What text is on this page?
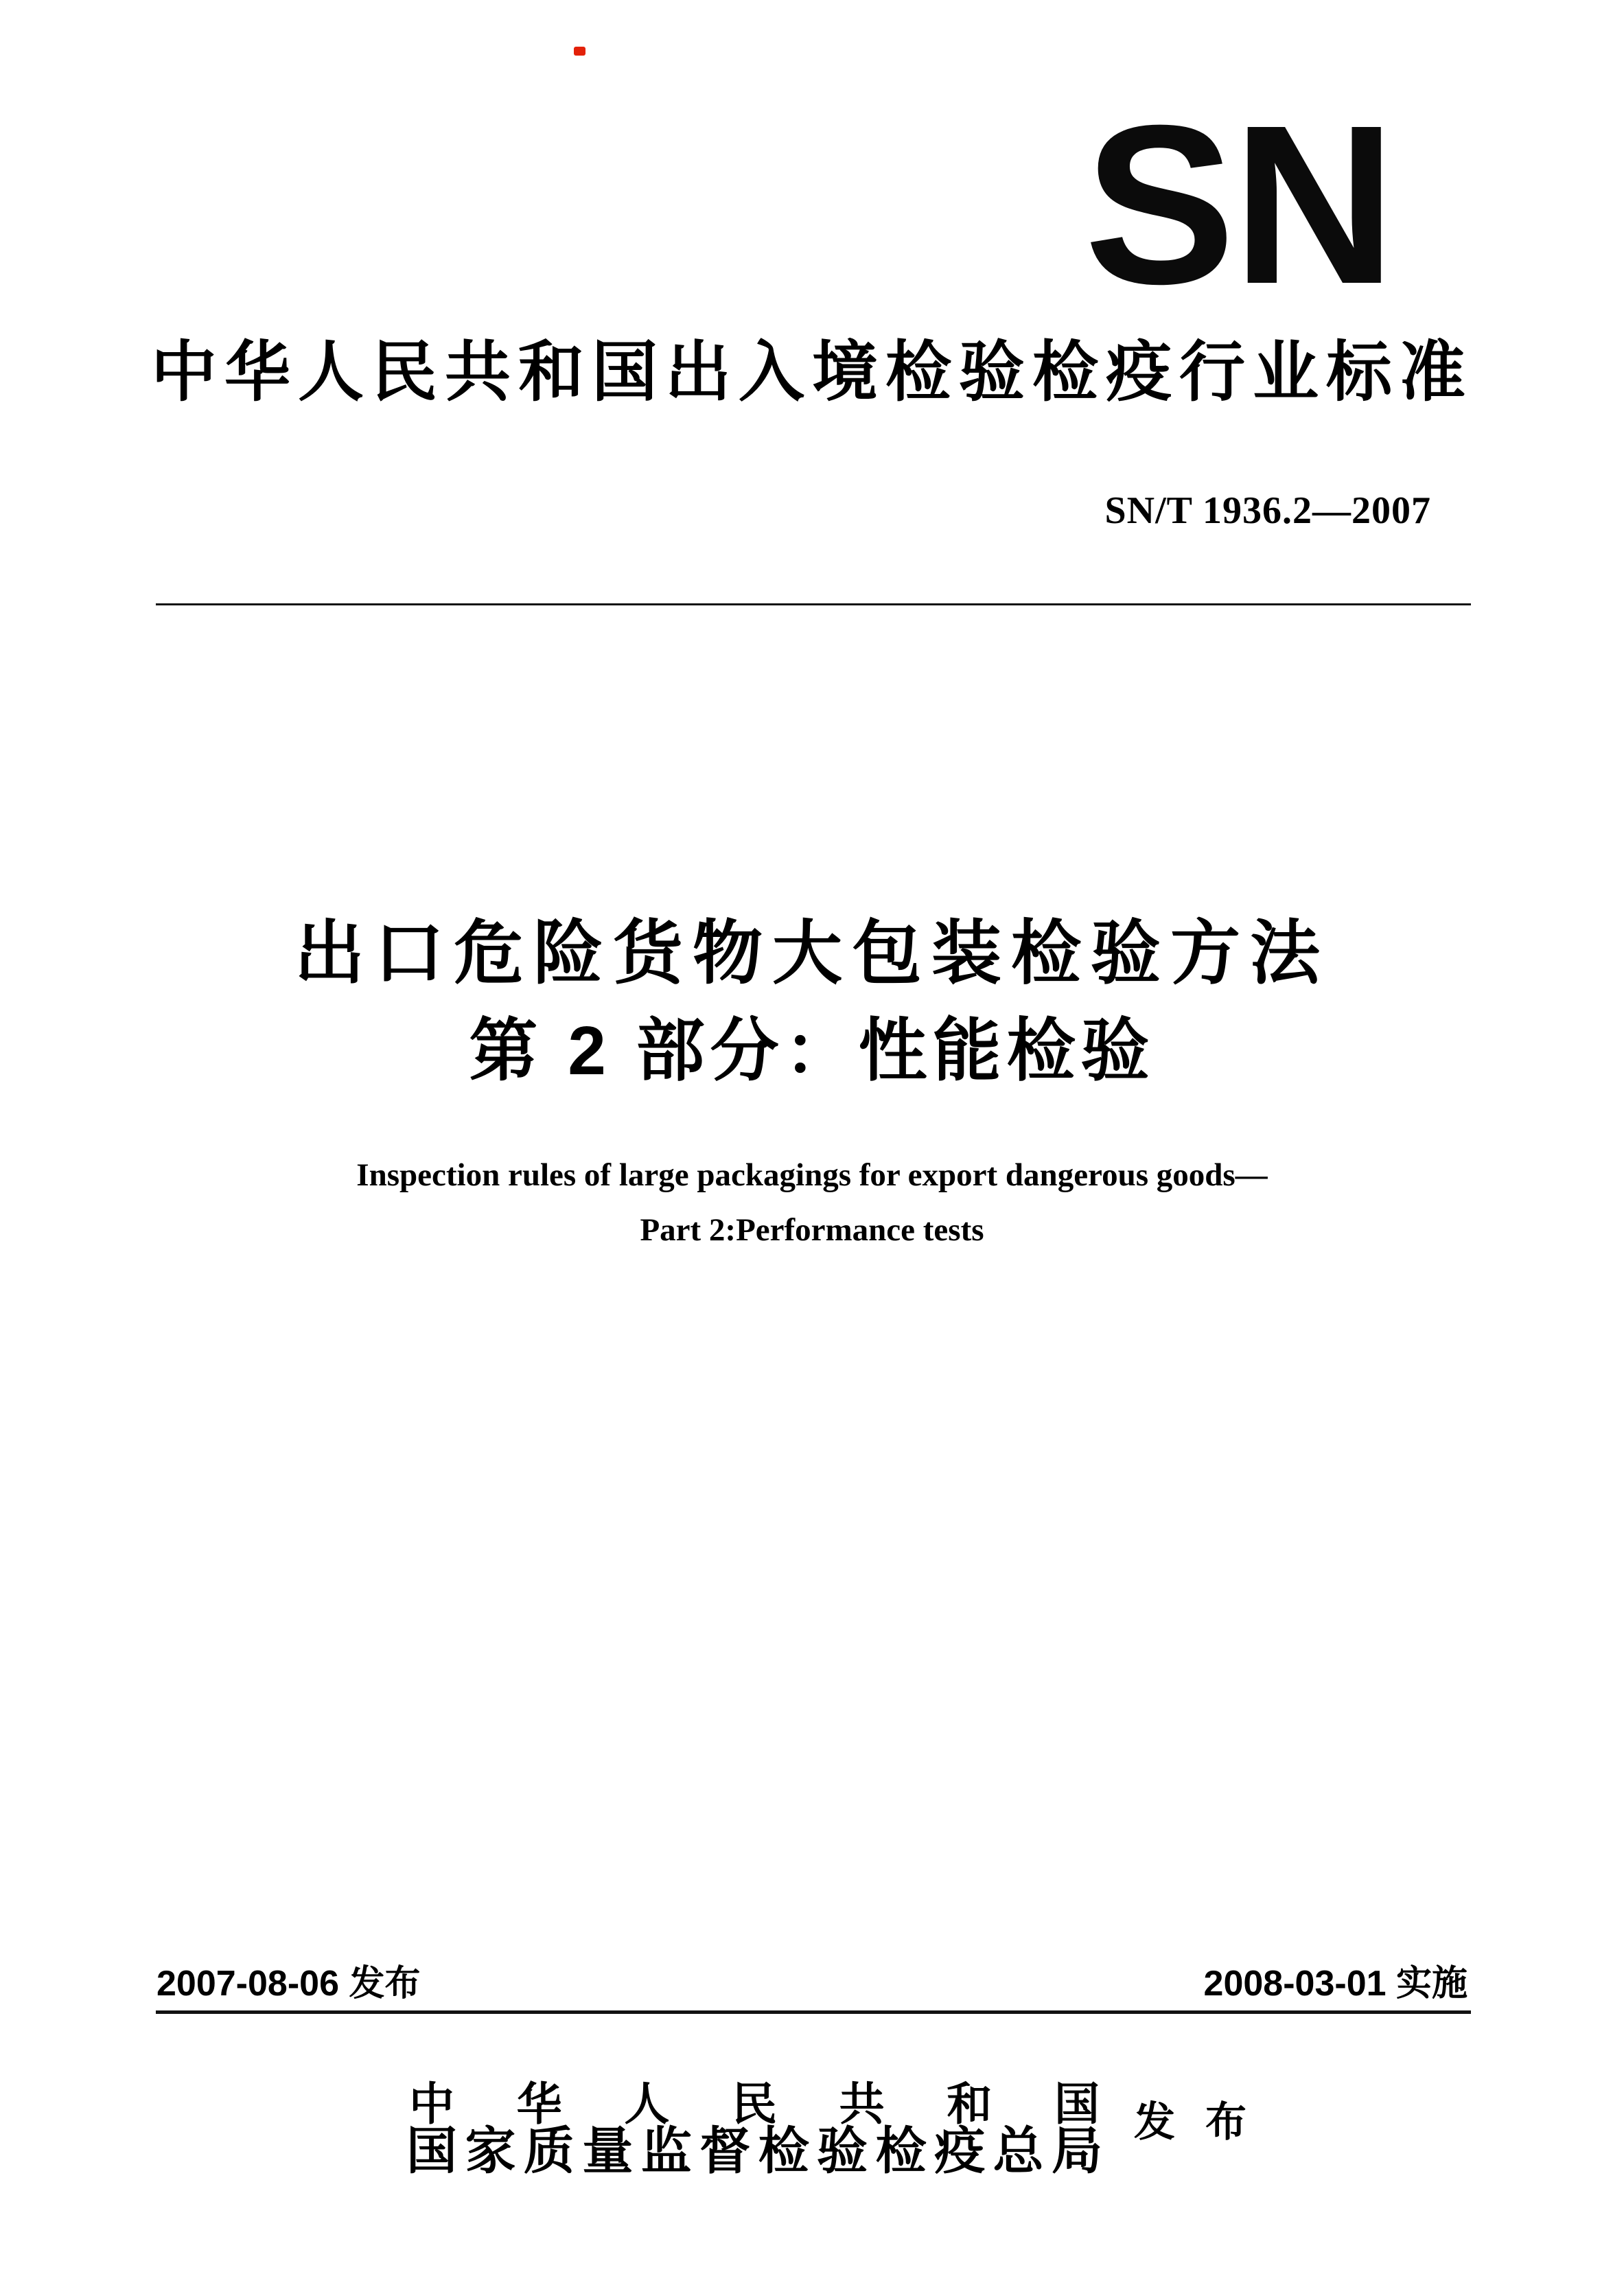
SN
中华人民共和国出入境检验检疫行业标准
SN/T 1936.2—2007
出口危险货物大包装检验方法
第 2 部分：性能检验
Inspection rules of large packagings for export dangerous goods—
Part 2:Performance tests
2007-08-06 发布	2008-03-01 实施
中华人民共和国
国家质量监督检验检疫总局
发布
